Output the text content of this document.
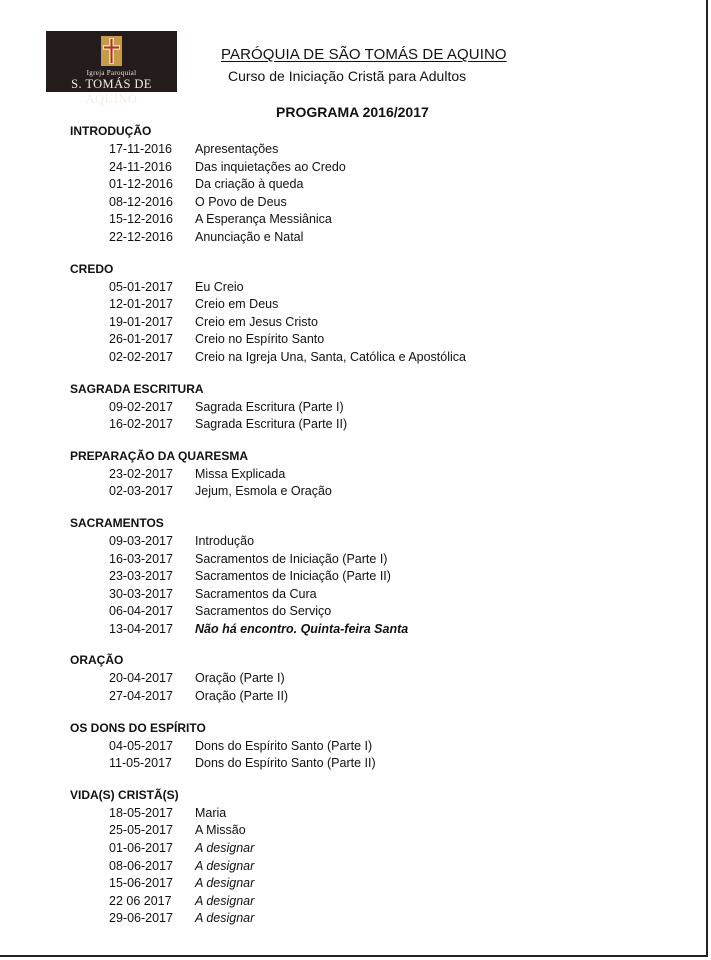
Igreja Paroquial
S. TOMÁS DE AQUINO
PARÓQUIA DE SÃO TOMÁS DE AQUINO
Curso de Iniciação Cristã para Adultos
PROGRAMA 2016/2017
INTRODUÇÃO
17-11-2016 Apresentações
24-11-2016 Das inquietações ao Credo
01-12-2016 Da criação à queda
08-12-2016 O Povo de Deus
15-12-2016 A Esperança Messiânica
22-12-2016 Anunciação e Natal
CREDO
05-01-2017 Eu Creio
12-01-2017 Creio em Deus
19-01-2017 Creio em Jesus Cristo
26-01-2017 Creio no Espírito Santo
02-02-2017 Creio na Igreja Una, Santa, Católica e Apostólica
SAGRADA ESCRITURA
09-02-2017 Sagrada Escritura (Parte I)
16-02-2017 Sagrada Escritura (Parte II)
PREPARAÇÃO DA QUARESMA
23-02-2017 Missa Explicada
02-03-2017 Jejum, Esmola e Oração
SACRAMENTOS
09-03-2017 Introdução
16-03-2017 Sacramentos de Iniciação (Parte I)
23-03-2017 Sacramentos de Iniciação (Parte II)
30-03-2017 Sacramentos da Cura
06-04-2017 Sacramentos do Serviço
13-04-2017 Não há encontro. Quinta-feira Santa
ORAÇÃO
20-04-2017 Oração (Parte I)
27-04-2017 Oração (Parte II)
OS DONS DO ESPÍRITO
04-05-2017 Dons do Espírito Santo (Parte I)
11-05-2017 Dons do Espírito Santo (Parte II)
VIDA(S) CRISTÃ(S)
18-05-2017 Maria
25-05-2017 A Missão
01-06-2017 A designar
08-06-2017 A designar
15-06-2017 A designar
22 06 2017 A designar
29-06-2017 A designar
